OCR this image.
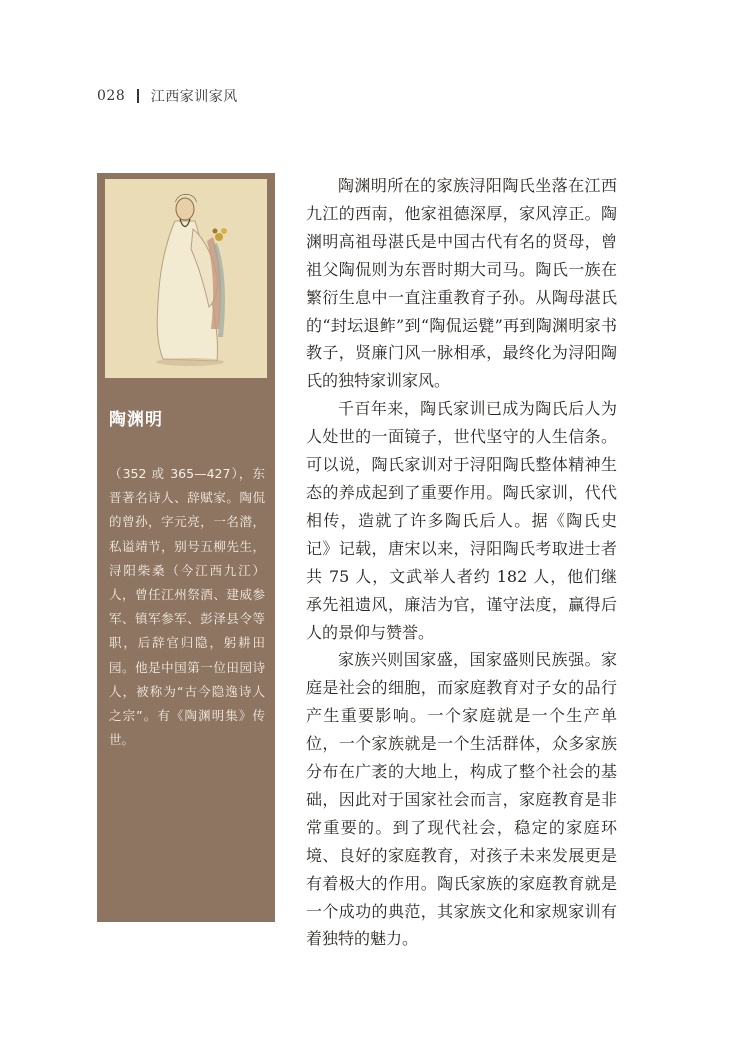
028 江西家训家风
陶渊明

（352 或 365—427），东晋著名诗人、辞赋家。陶侃的曾孙，字元亮，一名潜，私谥靖节，别号五柳先生，浔阳柴桑（今江西九江）人，曾任江州祭酒、建威参军、镇军参军、彭泽县令等职，后辞官归隐，躬耕田园。他是中国第一位田园诗人，被称为“古今隐逸诗人之宗”。有《陶渊明集》传世。

陶渊明所在的家族浔阳陶氏坐落在江西九江的西南，他家祖德深厚，家风淳正。陶渊明高祖母湛氏是中国古代有名的贤母，曾祖父陶侃则为东晋时期大司马。陶氏一族在繁衍生息中一直注重教育子孙。从陶母湛氏的“封坛退鲊”到“陶侃运甓”再到陶渊明家书教子，贤廉门风一脉相承，最终化为浔阳陶氏的独特家训家风。

千百年来，陶氏家训已成为陶氏后人为人处世的一面镜子，世代坚守的人生信条。可以说，陶氏家训对于浔阳陶氏整体精神生态的养成起到了重要作用。陶氏家训，代代相传，造就了许多陶氏后人。据《陶氏史记》记载，唐宋以来，浔阳陶氏考取进士者共 75 人，文武举人者约 182 人，他们继承先祖遗风，廉洁为官，谨守法度，赢得后人的景仰与赞誉。

家族兴则国家盛，国家盛则民族强。家庭是社会的细胞，而家庭教育对子女的品行产生重要影响。一个家庭就是一个生产单位，一个家族就是一个生活群体，众多家族分布在广袤的大地上，构成了整个社会的基础，因此对于国家社会而言，家庭教育是非常重要的。到了现代社会，稳定的家庭环境、良好的家庭教育，对孩子未来发展更是有着极大的作用。陶氏家族的家庭教育就是一个成功的典范，其家族文化和家规家训有着独特的魅力。
